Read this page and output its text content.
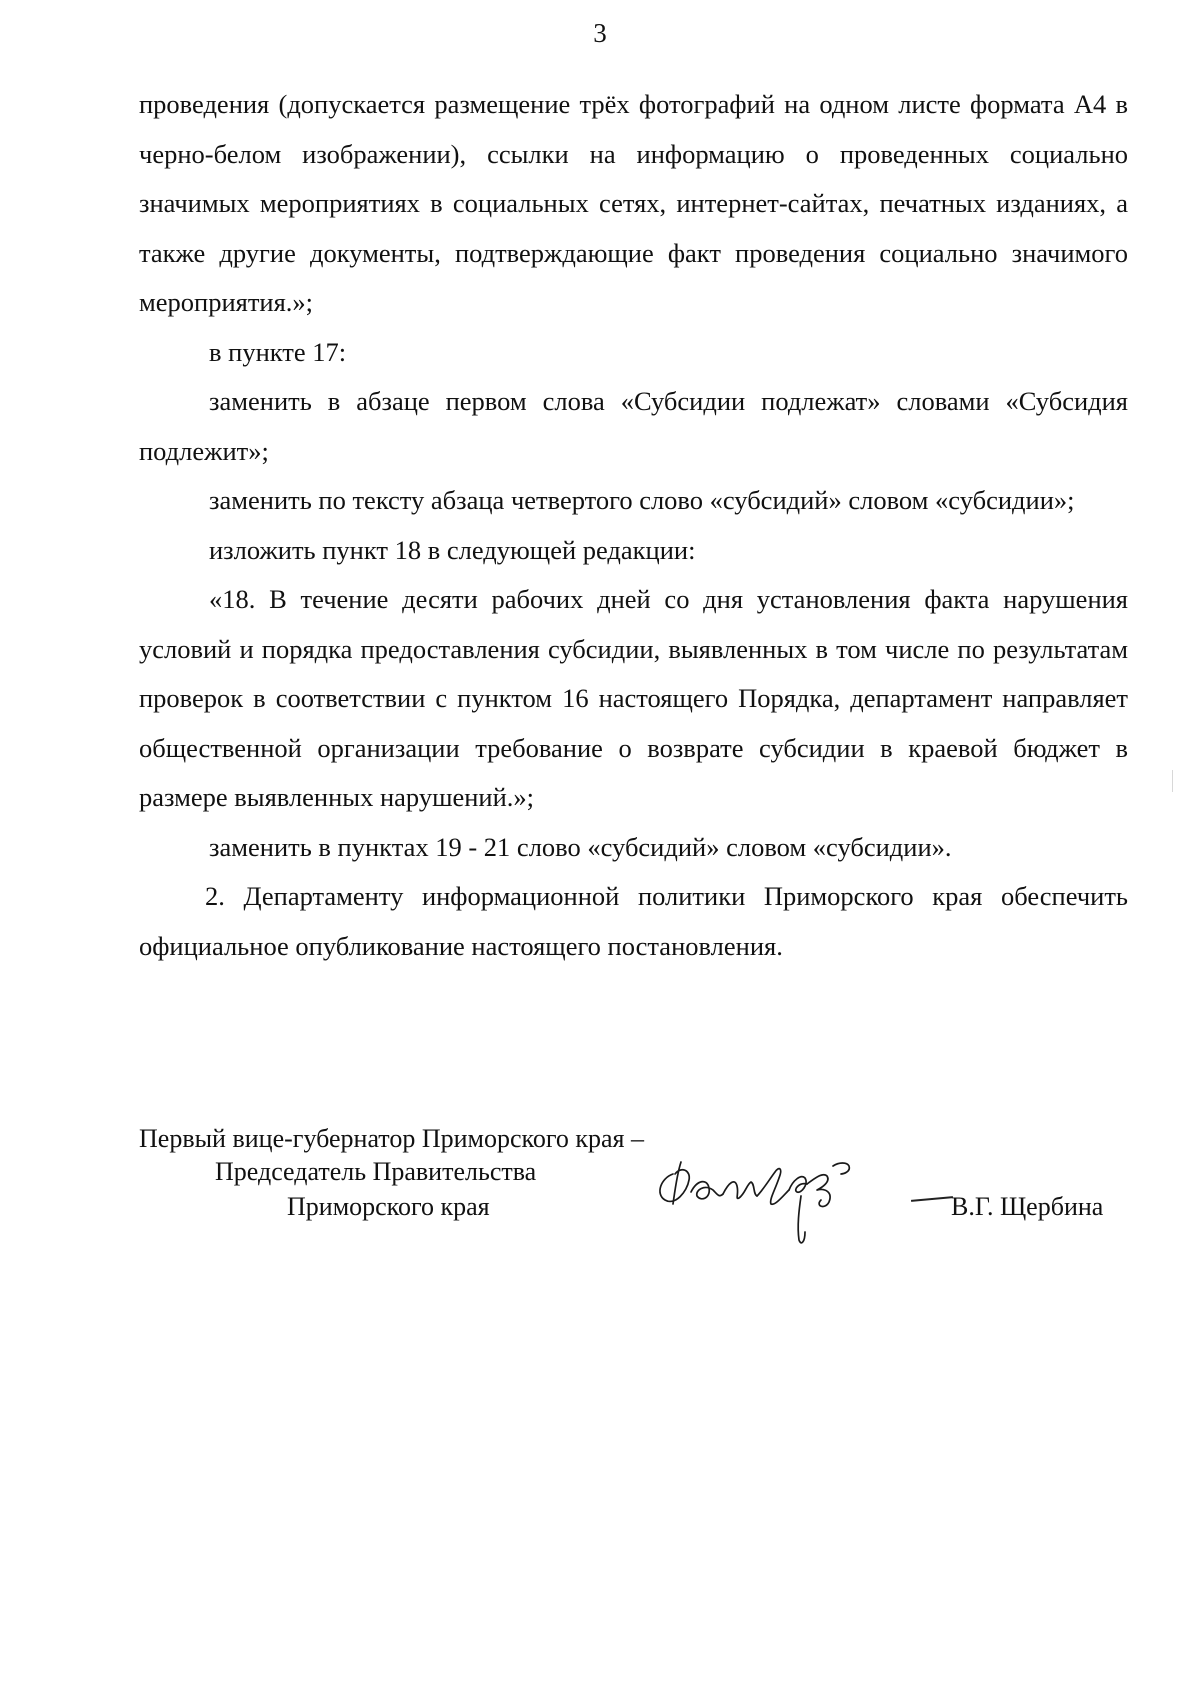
3

проведения (допускается размещение трёх фотографий на одном листе формата А4 в черно-белом изображении), ссылки на информацию о проведенных социально значимых мероприятиях в социальных сетях, интернет-сайтах, печатных изданиях, а также другие документы, подтверждающие факт проведения социально значимого мероприятия.»;

в пункте 17:

заменить в абзаце первом слова «Субсидии подлежат» словами «Субсидия подлежит»;

заменить по тексту абзаца четвертого слово «субсидий» словом «субсидии»;

изложить пункт 18 в следующей редакции:

«18. В течение десяти рабочих дней со дня установления факта нарушения условий и порядка предоставления субсидии, выявленных в том числе по результатам проверок в соответствии с пунктом 16 настоящего Порядка, департамент направляет общественной организации требование о возврате субсидии в краевой бюджет в размере выявленных нарушений.»;

заменить в пунктах 19 - 21 слово «субсидий» словом «субсидии».

2. Департаменту информационной политики Приморского края обеспечить официальное опубликование настоящего постановления.

Первый вице-губернатор Приморского края –
Председатель Правительства
Приморского края	В.Г. Щербина
